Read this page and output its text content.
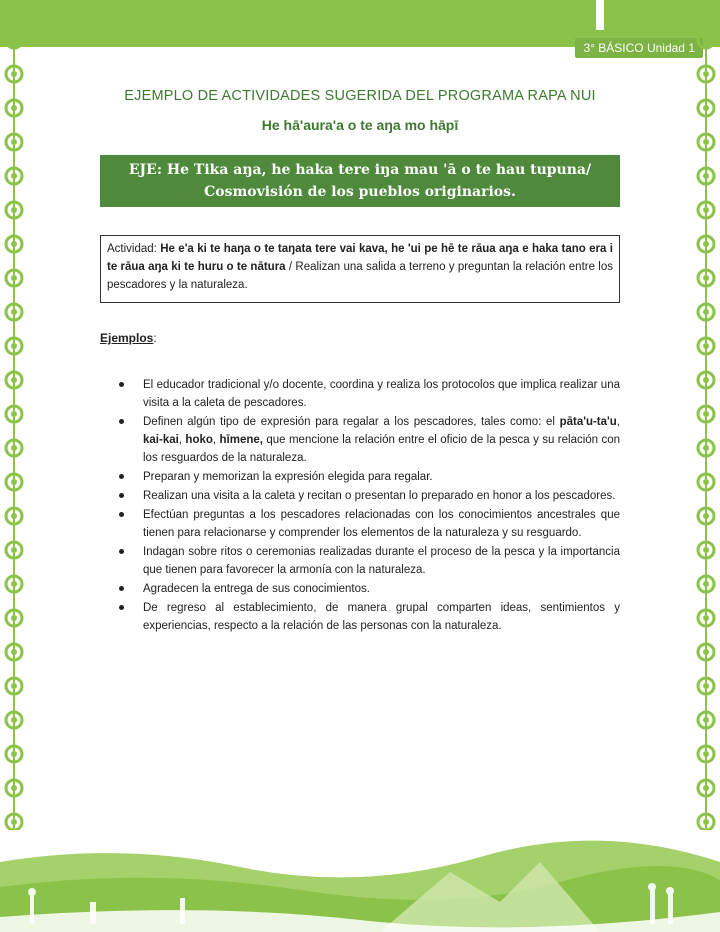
3° BÁSICO Unidad 1
EJEMPLO DE ACTIVIDADES SUGERIDA DEL PROGRAMA RAPA NUI
He hā'aura'a o te aŋa mo hāpī
EJE: He Tika aŋa, he haka tere iŋa mau 'ā o te hau tupuna/
Cosmovisión de los pueblos originarios.
Actividad: He e'a ki te haŋa o te taŋata tere vai kava, he 'ui pe hē te rāua aŋa e haka tano era i te rāua aŋa ki te huru o te nātura / Realizan una salida a terreno y preguntan la relación entre los pescadores y la naturaleza.
Ejemplos:
El educador tradicional y/o docente, coordina y realiza los protocolos que implica realizar una visita a la caleta de pescadores.
Definen algún tipo de expresión para regalar a los pescadores, tales como: el pāta'u-ta'u, kai-kai, hoko, hīmene, que mencione la relación entre el oficio de la pesca y su relación con los resguardos de la naturaleza.
Preparan y memorizan la expresión elegida para regalar.
Realizan una visita a la caleta y recitan o presentan lo preparado en honor a los pescadores.
Efectúan preguntas a los pescadores relacionadas con los conocimientos ancestrales que tienen para relacionarse y comprender los elementos de la naturaleza y su resguardo.
Indagan sobre ritos o ceremonias realizadas durante el proceso de la pesca y la importancia que tienen para favorecer la armonía con la naturaleza.
Agradecen la entrega de sus conocimientos.
De regreso al establecimiento, de manera grupal comparten ideas, sentimientos y experiencias, respecto a la relación de las personas con la naturaleza.
